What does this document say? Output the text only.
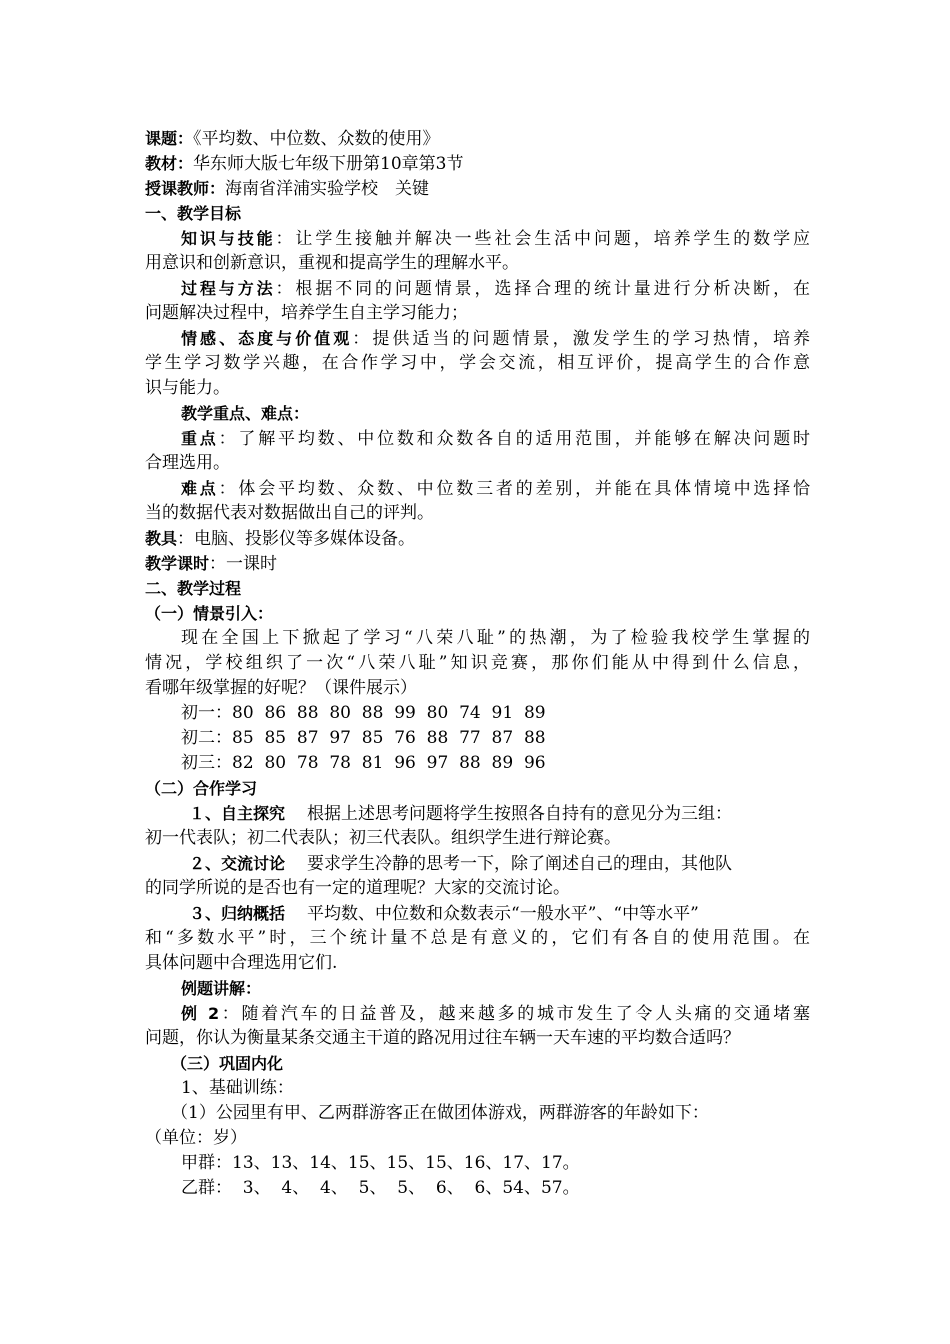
课题：《平均数、中位数、众数的使用》
教材：华东师大版七年级下册第10章第3节
授课教师：海南省洋浦实验学校　关键
一、教学目标
知识与技能：让学生接触并解决一些社会生活中问题，培养学生的数学应
用意识和创新意识，重视和提高学生的理解水平。
过程与方法：根据不同的问题情景，选择合理的统计量进行分析决断，在
问题解决过程中，培养学生自主学习能力；
情感、态度与价值观：提供适当的问题情景，激发学生的学习热情，培养
学生学习数学兴趣，在合作学习中，学会交流，相互评价，提高学生的合作意
识与能力。
教学重点、难点：
重点：了解平均数、中位数和众数各自的适用范围，并能够在解决问题时
合理选用。
难点：体会平均数、众数、中位数三者的差别，并能在具体情境中选择恰
当的数据代表对数据做出自己的评判。
教具：电脑、投影仪等多媒体设备。
教学课时：一课时
二、教学过程
（一）情景引入：
现在全国上下掀起了学习“八荣八耻”的热潮，为了检验我校学生掌握的
情况，学校组织了一次“八荣八耻”知识竞赛，那你们能从中得到什么信息，
看哪年级掌握的好呢？（课件展示）
初一：80  86  88  80  88  99  80  74  91  89
初二：85  85  87  97  85  76  88  77  87  88
初三：82  80  78  78  81  96  97  88  89  96
（二）合作学习
１、自主探究 根据上述思考问题将学生按照各自持有的意见分为三组：
初一代表队；初二代表队；初三代表队。组织学生进行辩论赛。
２、交流讨论 要求学生冷静的思考一下，除了阐述自己的理由，其他队
的同学所说的是否也有一定的道理呢？大家的交流讨论。
３、归纳概括 平均数、中位数和众数表示“一般水平”、“中等水平”
和“多数水平”时，三个统计量不总是有意义的，它们有各自的使用范围。在
具体问题中合理选用它们.
例题讲解：
例 2：随着汽车的日益普及，越来越多的城市发生了令人头痛的交通堵塞
问题，你认为衡量某条交通主干道的路况用过往车辆一天车速的平均数合适吗？
（三）巩固内化
1、基础训练：
（1）公园里有甲、乙两群游客正在做团体游戏，两群游客的年龄如下：
（单位：岁）
甲群：13、13、14、15、15、15、16、17、17。
乙群：  3、  4、  4、  5、  5、  6、  6、54、57。
